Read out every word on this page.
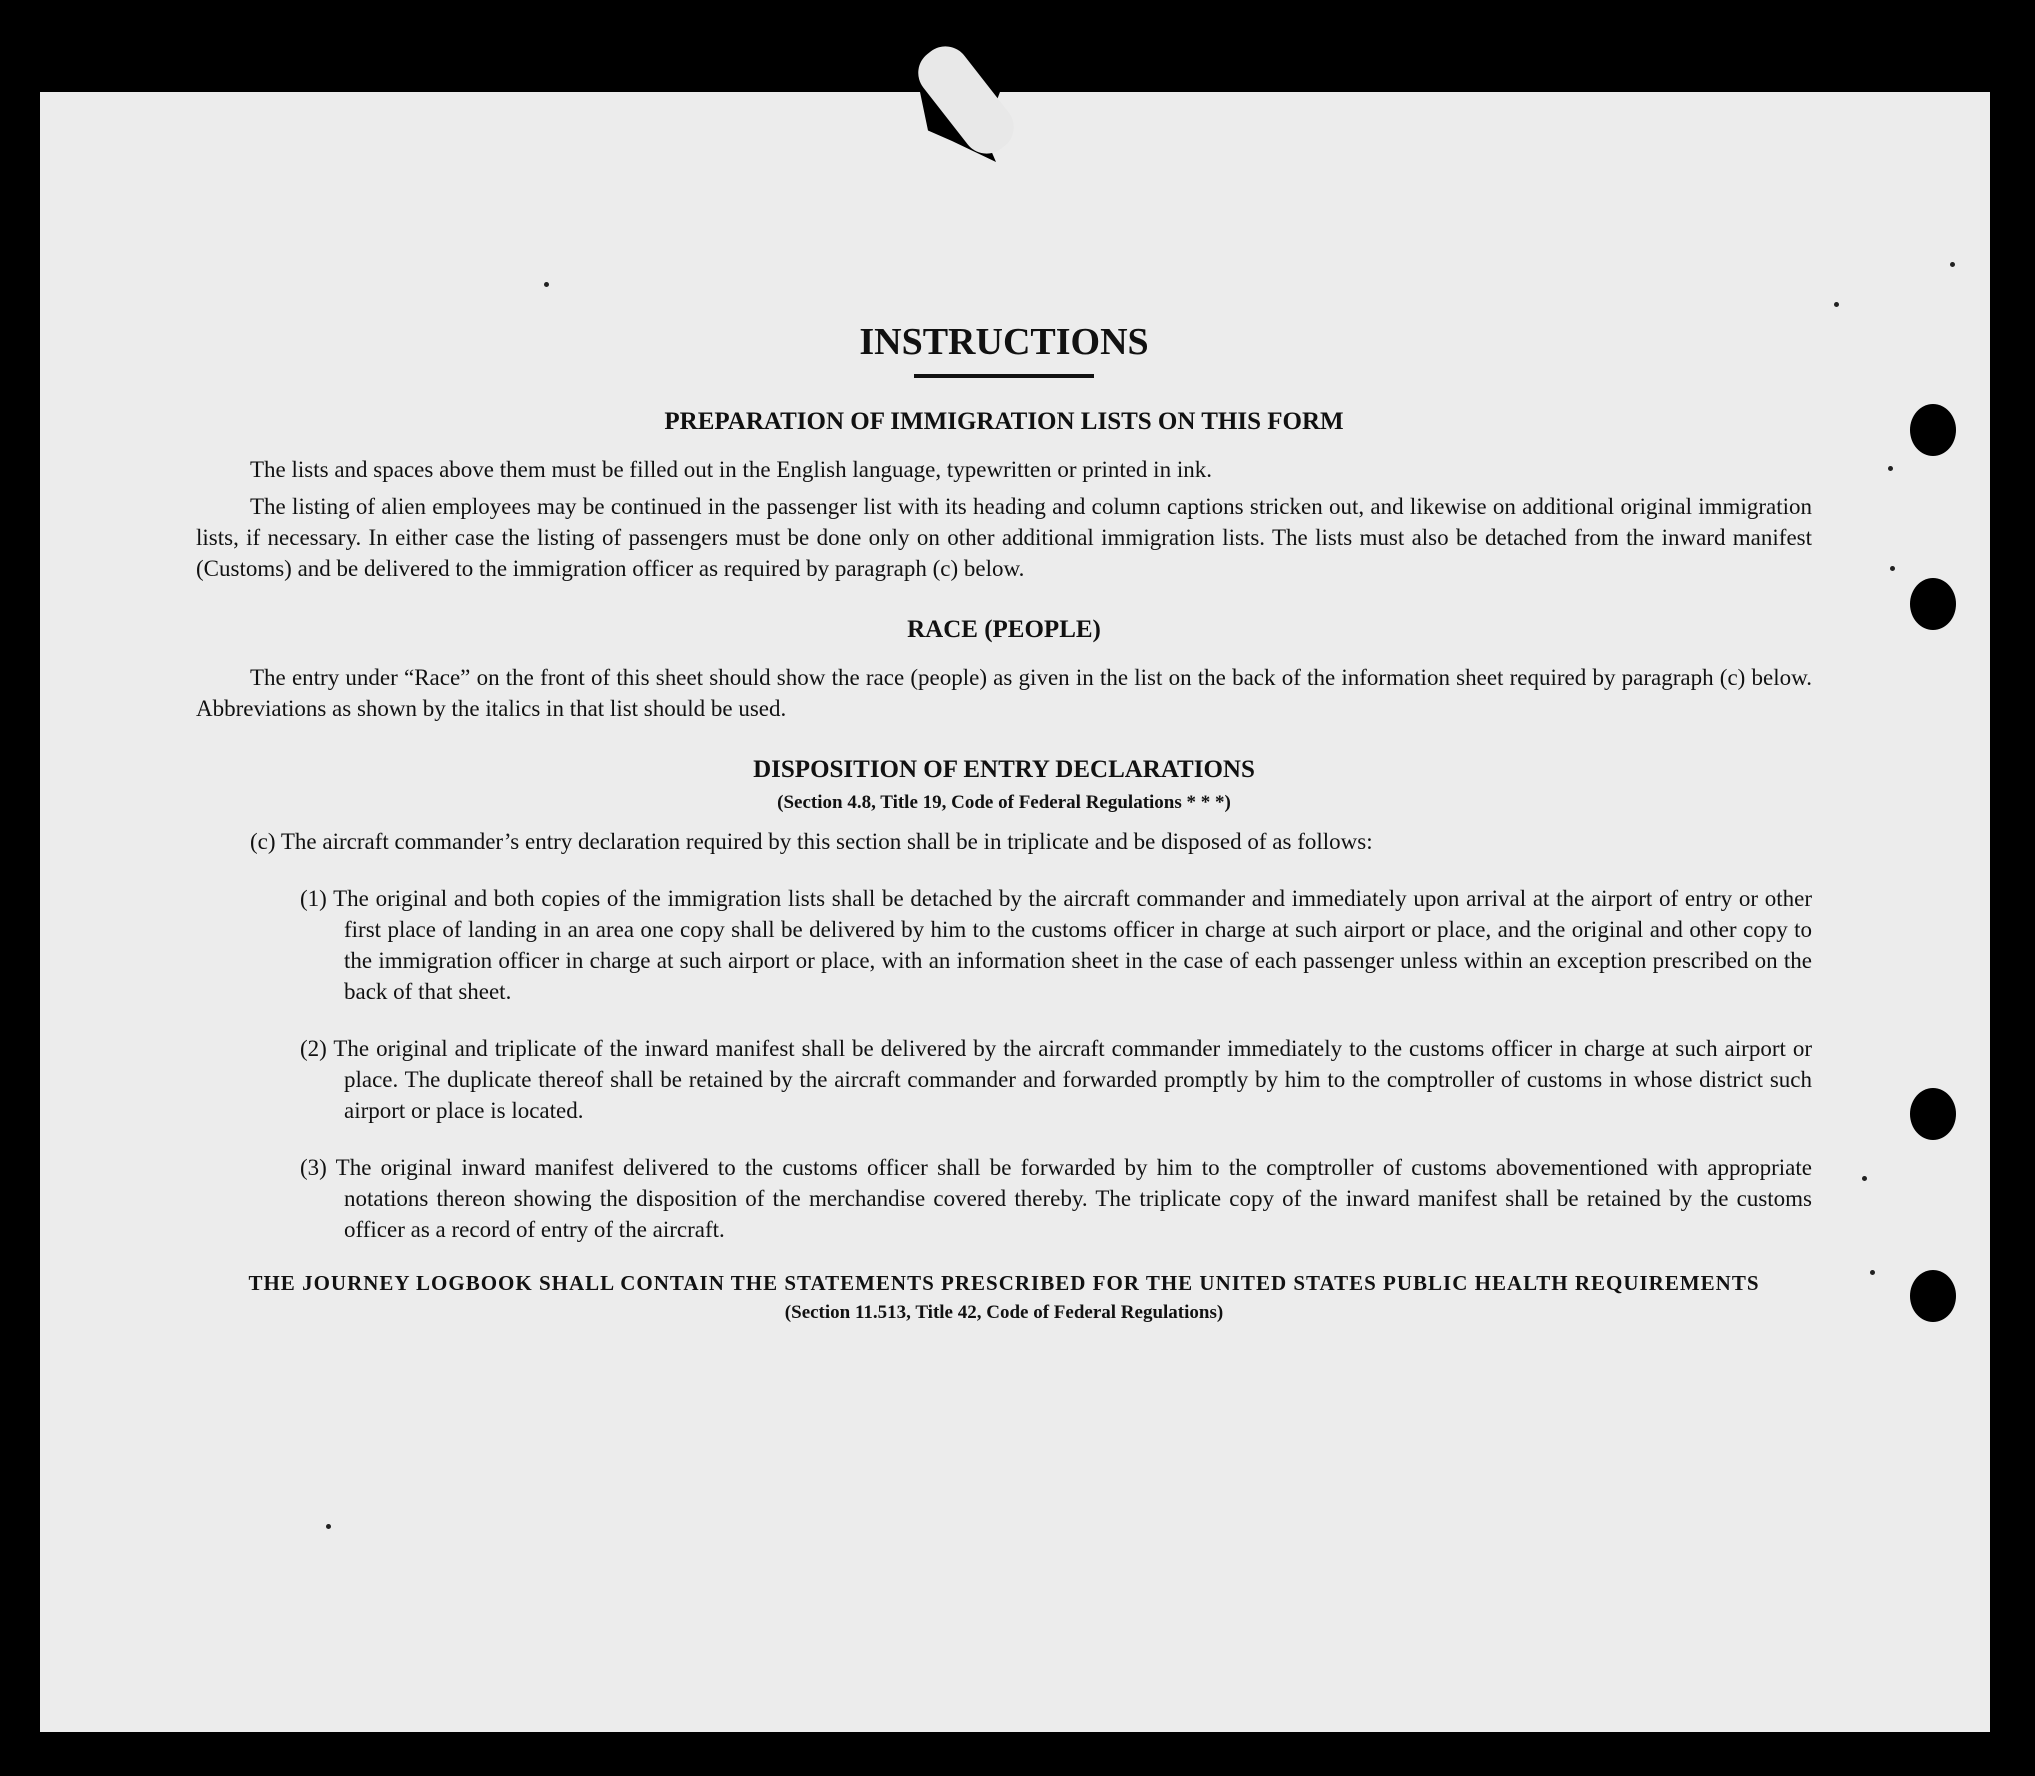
INSTRUCTIONS
PREPARATION OF IMMIGRATION LISTS ON THIS FORM

The lists and spaces above them must be filled out in the English language, typewritten or printed in ink.

The listing of alien employees may be continued in the passenger list with its heading and column captions stricken out, and likewise on additional original immigration lists, if necessary. In either case the listing of passengers must be done only on other additional immigration lists. The lists must also be detached from the inward manifest (Customs) and be delivered to the immigration officer as required by paragraph (c) below.

RACE (PEOPLE)

The entry under “Race” on the front of this sheet should show the race (people) as given in the list on the back of the information sheet required by paragraph (c) below. Abbreviations as shown by the italics in that list should be used.

DISPOSITION OF ENTRY DECLARATIONS
(Section 4.8, Title 19, Code of Federal Regulations * * *)

(c) The aircraft commander’s entry declaration required by this section shall be in triplicate and be disposed of as follows:

(1) The original and both copies of the immigration lists shall be detached by the aircraft commander and immediately upon arrival at the airport of entry or other first place of landing in an area one copy shall be delivered by him to the customs officer in charge at such airport or place, and the original and other copy to the immigration officer in charge at such airport or place, with an information sheet in the case of each passenger unless within an exception prescribed on the back of that sheet.

(2) The original and triplicate of the inward manifest shall be delivered by the aircraft commander immediately to the customs officer in charge at such airport or place. The duplicate thereof shall be retained by the aircraft commander and forwarded promptly by him to the comptroller of customs in whose district such airport or place is located.

(3) The original inward manifest delivered to the customs officer shall be forwarded by him to the comptroller of customs abovementioned with appropriate notations thereon showing the disposition of the merchandise covered thereby. The triplicate copy of the inward manifest shall be retained by the customs officer as a record of entry of the aircraft.

THE JOURNEY LOGBOOK SHALL CONTAIN THE STATEMENTS PRESCRIBED FOR THE UNITED STATES PUBLIC HEALTH REQUIREMENTS
(Section 11.513, Title 42, Code of Federal Regulations)
